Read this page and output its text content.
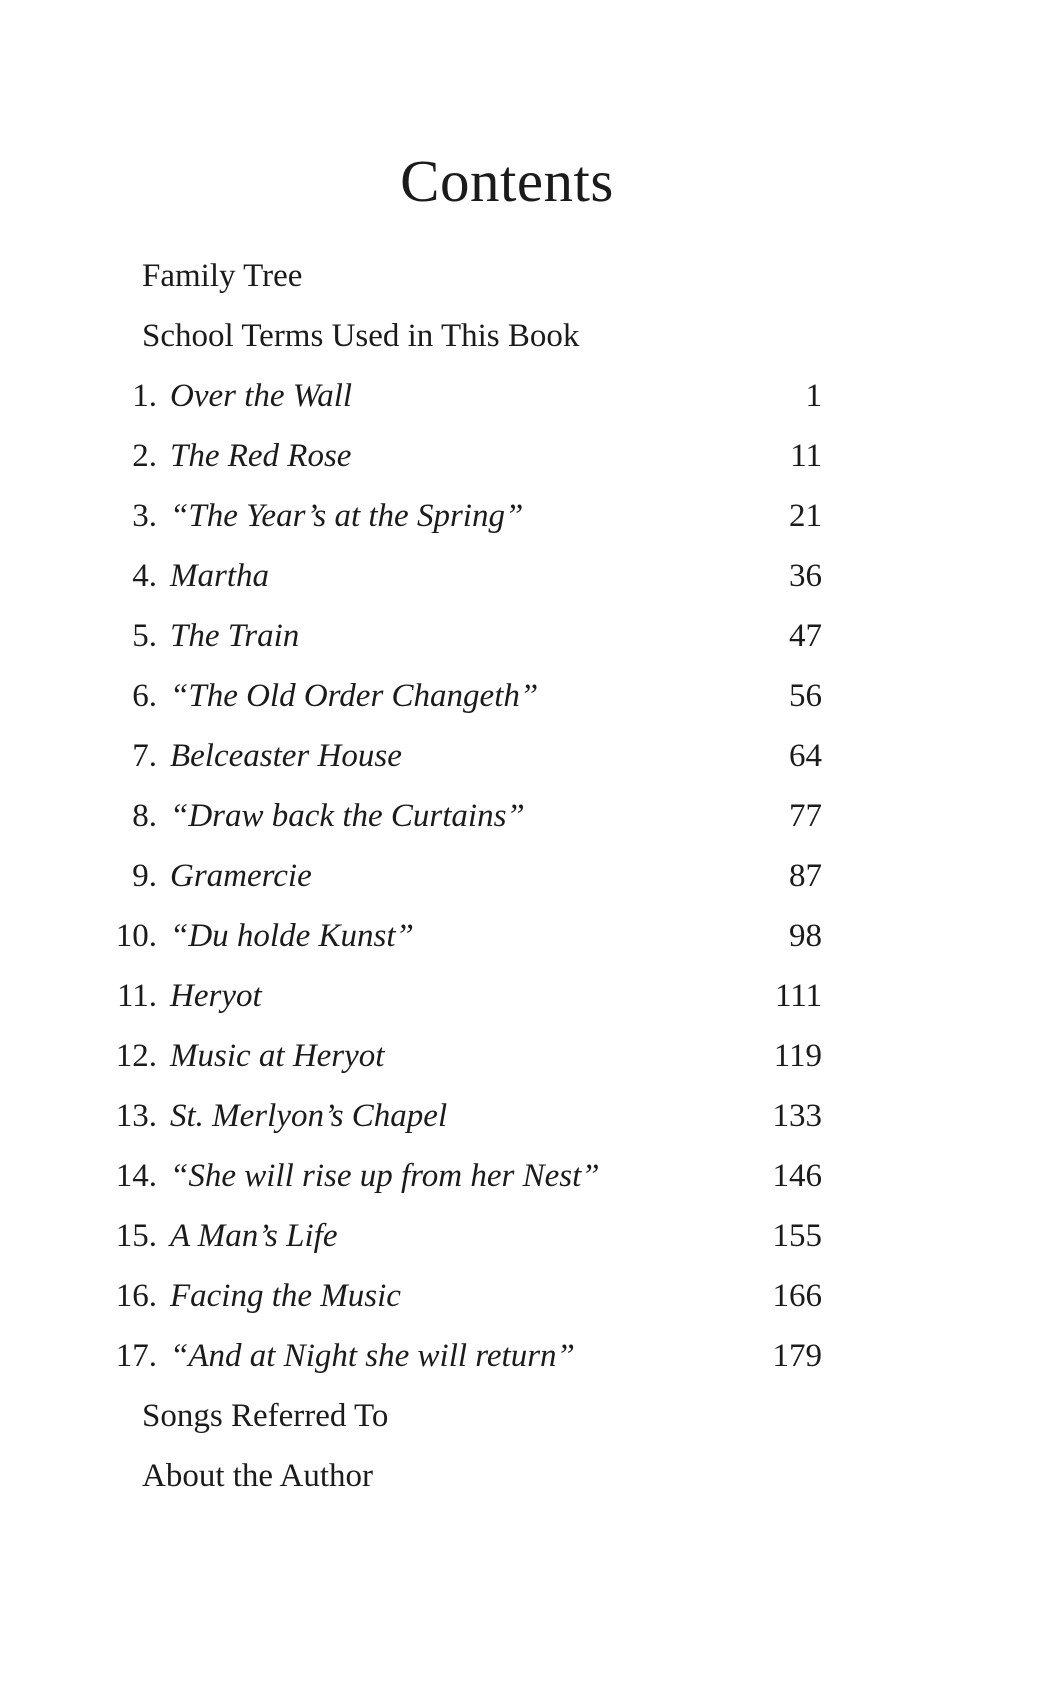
Contents
Family Tree
School Terms Used in This Book
1. Over the Wall	1
2. The Red Rose	11
3. “The Year’s at the Spring”	21
4. Martha	36
5. The Train	47
6. “The Old Order Changeth”	56
7. Belceaster House	64
8. “Draw back the Curtains”	77
9. Gramercie	87
10. “Du holde Kunst”	98
11. Heryot	111
12. Music at Heryot	119
13. St. Merlyon’s Chapel	133
14. “She will rise up from her Nest”	146
15. A Man’s Life	155
16. Facing the Music	166
17. “And at Night she will return”	179
Songs Referred To
About the Author
